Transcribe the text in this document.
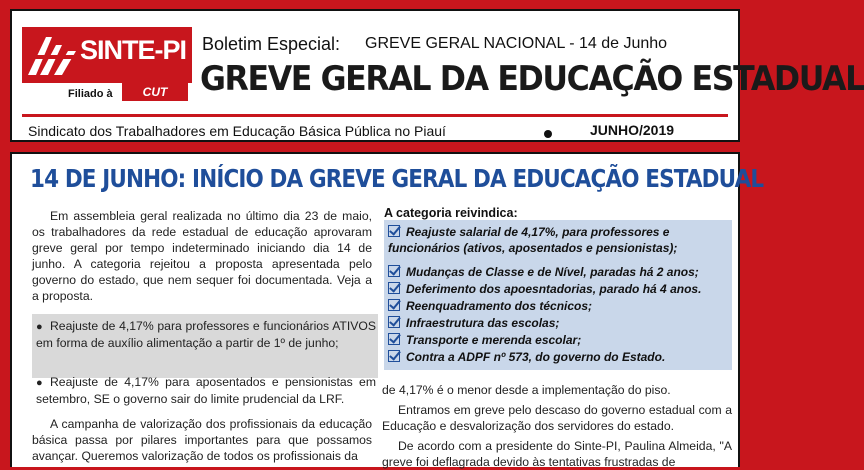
SINTE-PI
Filiado à	CUT
Boletim Especial: GREVE GERAL NACIONAL - 14 de Junho
GREVE GERAL DA EDUCAÇÃO ESTADUAL
Sindicato dos Trabalhadores em Educação Básica Pública no Piauí	JUNHO/2019
14 DE JUNHO: INÍCIO DA GREVE GERAL DA EDUCAÇÃO ESTADUAL

Em assembleia geral realizada no último dia 23 de maio, os trabalhadores da rede estadual de educação aprovaram greve geral por tempo indeterminado iniciando dia 14 de junho. A categoria rejeitou a proposta apresentada pelo governo do estado, que nem sequer foi documentada. Veja a a proposta.

● Reajuste de 4,17% para professores e funcionários ATIVOS em forma de auxílio alimentação a partir de 1º de junho;

● Reajuste de 4,17% para aposentados e pensionistas em setembro, SE o governo sair do limite prudencial da LRF.

A campanha de valorização dos profissionais da educação básica passa por pilares importantes para que possamos avançar. Queremos valorização de todos os profissionais da

A categoria reivindica:
Reajuste salarial de 4,17%, para professores e funcionários (ativos, aposentados e pensionistas);
Mudanças de Classe e de Nível, paradas há 2 anos;
Deferimento dos apoesntadorias, parado há 4 anos.
Reenquadramento dos técnicos;
Infraestrutura das escolas;
Transporte e merenda escolar;
Contra a ADPF nº 573, do governo do Estado.

de 4,17% é o menor desde a implementação do piso.

Entramos em greve pelo descaso do governo estadual com a Educação e desvalorização dos servidores do estado.

De acordo com a presidente do Sinte-PI, Paulina Almeida, "A greve foi deflagrada devido às tentativas frustradas de
